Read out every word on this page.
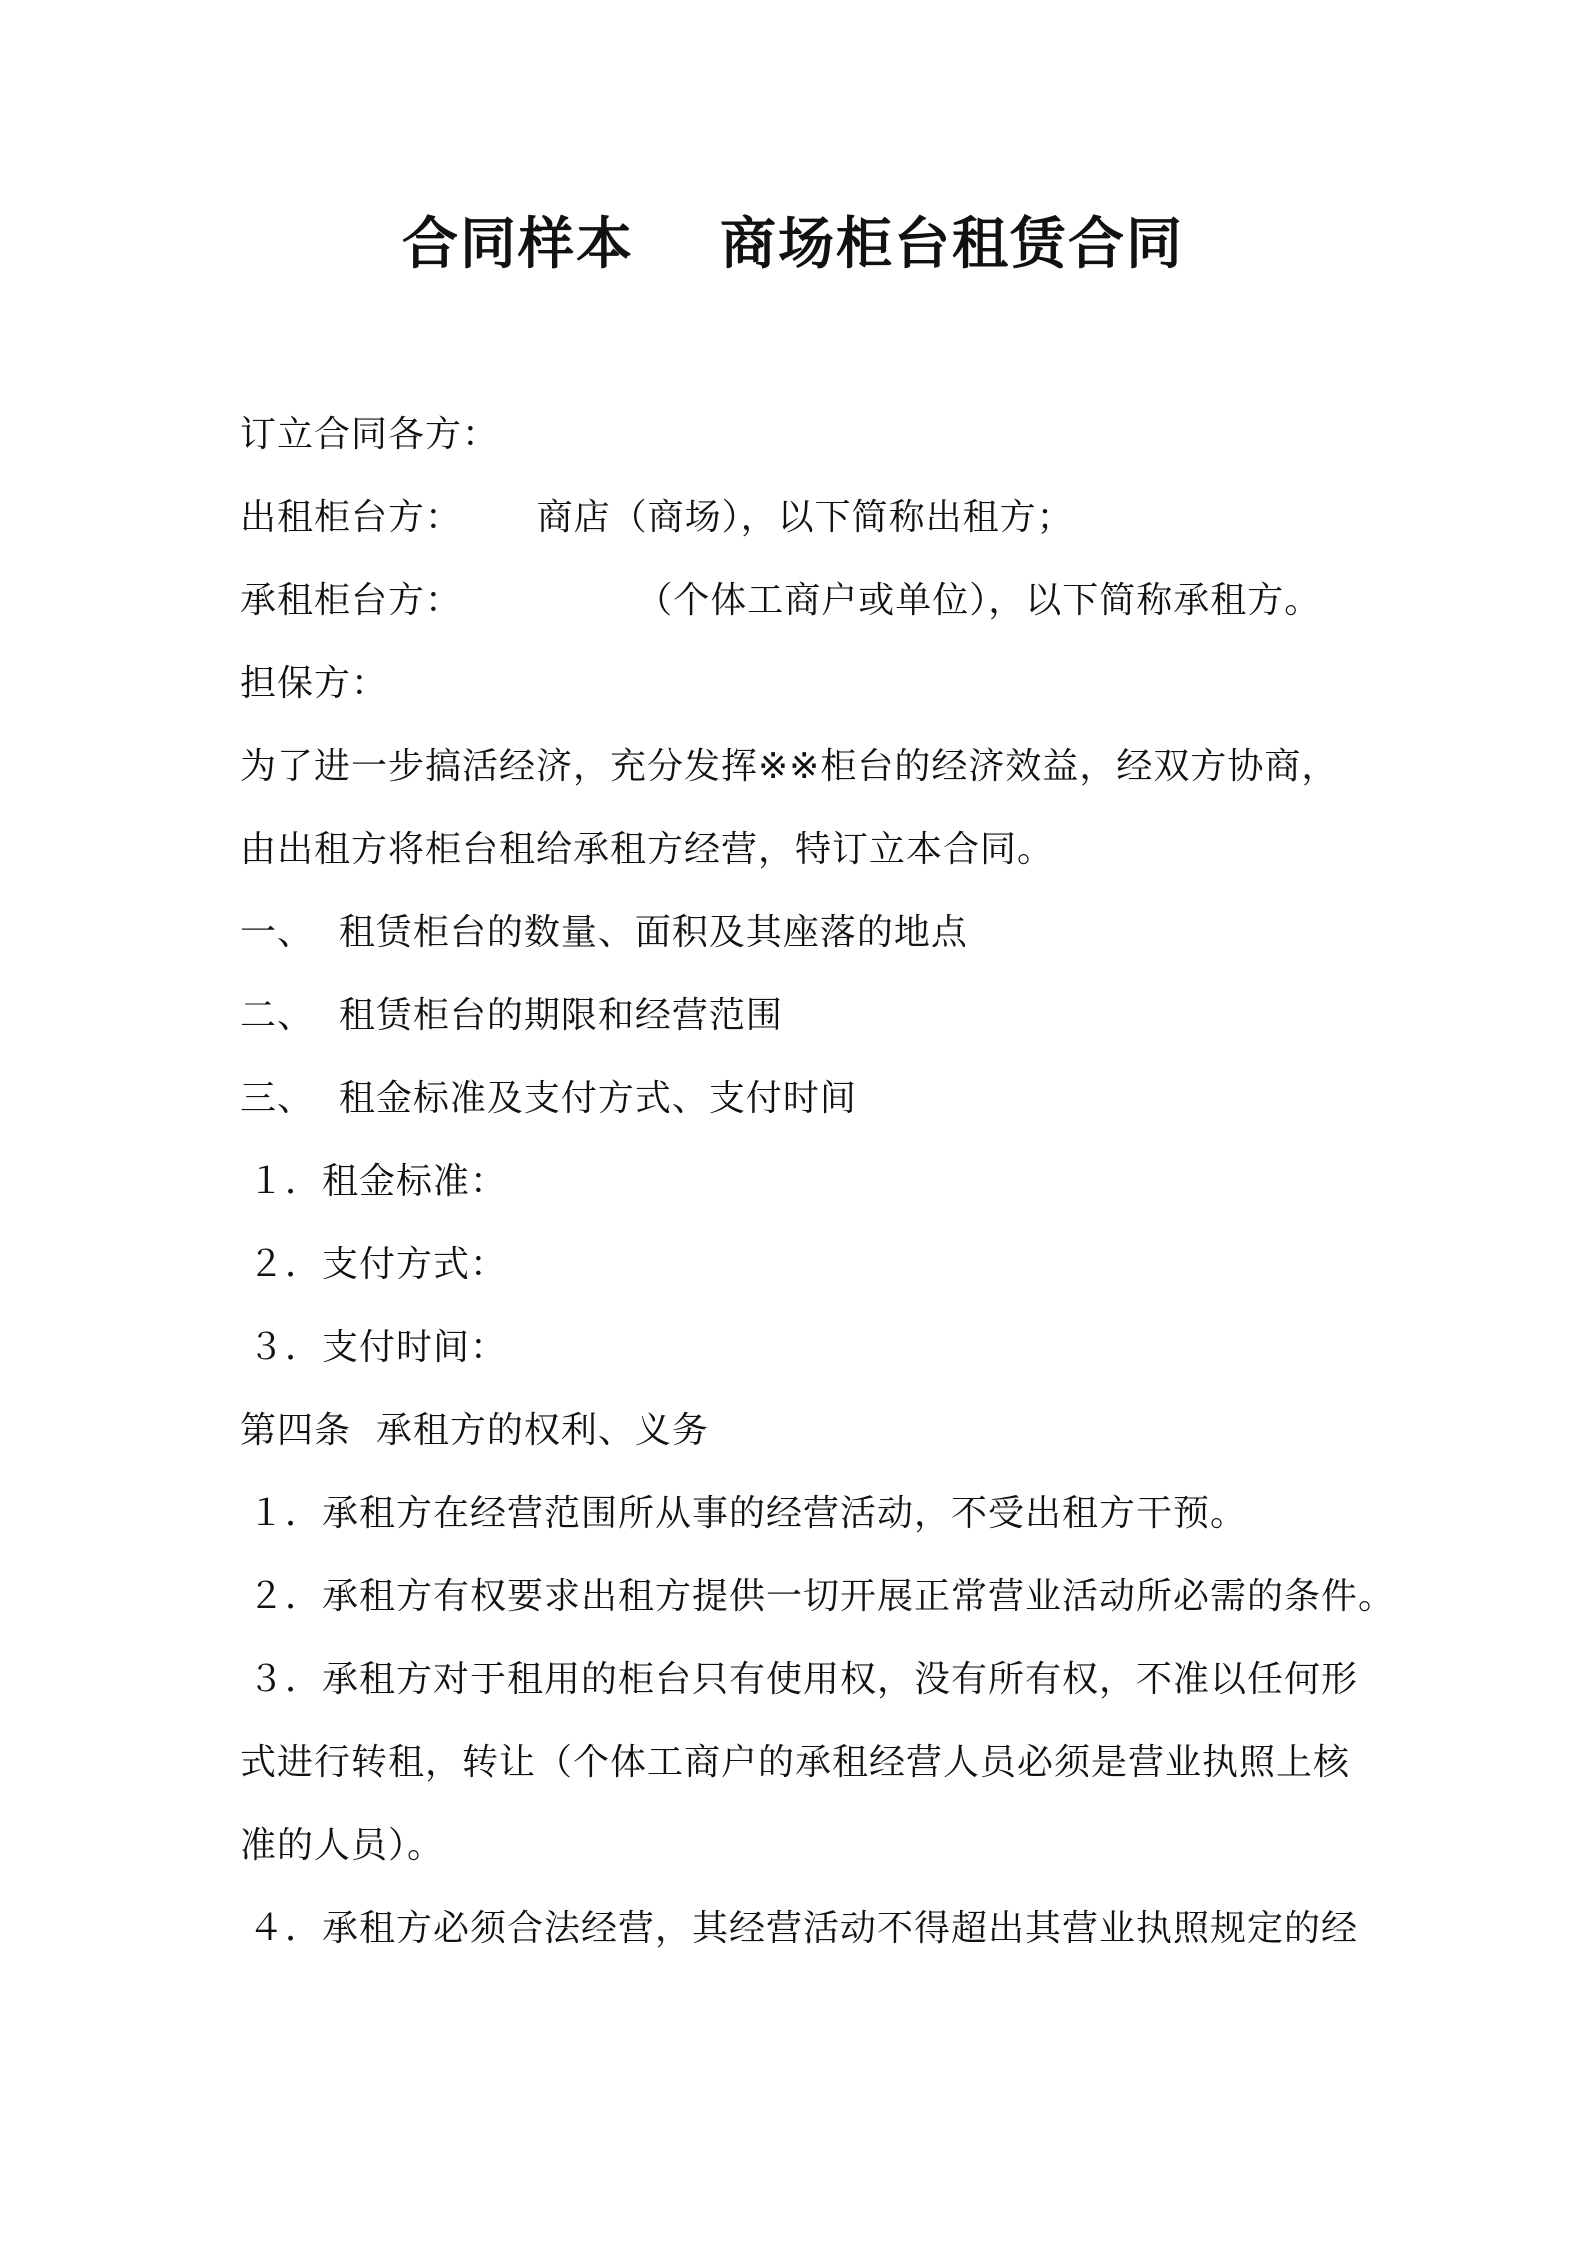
合同样本    商场柜台租赁合同
订立合同各方：
出租柜台方：      商店（商场），以下简称出租方；
承租柜台方：              （个体工商户或单位），以下简称承租方。
担保方：
为了进一步搞活经济，充分发挥※※柜台的经济效益，经双方协商，
由出租方将柜台租给承租方经营，特订立本合同。
一、  租赁柜台的数量、面积及其座落的地点
二、  租赁柜台的期限和经营范围
三、  租金标准及支付方式、支付时间
１．租金标准：
２．支付方式：
３．支付时间：
第四条  承租方的权利、义务
１．承租方在经营范围所从事的经营活动，不受出租方干预。
２．承租方有权要求出租方提供一切开展正常营业活动所必需的条件。
３．承租方对于租用的柜台只有使用权，没有所有权，不准以任何形
式进行转租，转让（个体工商户的承租经营人员必须是营业执照上核
准的人员）。
４．承租方必须合法经营，其经营活动不得超出其营业执照规定的经
